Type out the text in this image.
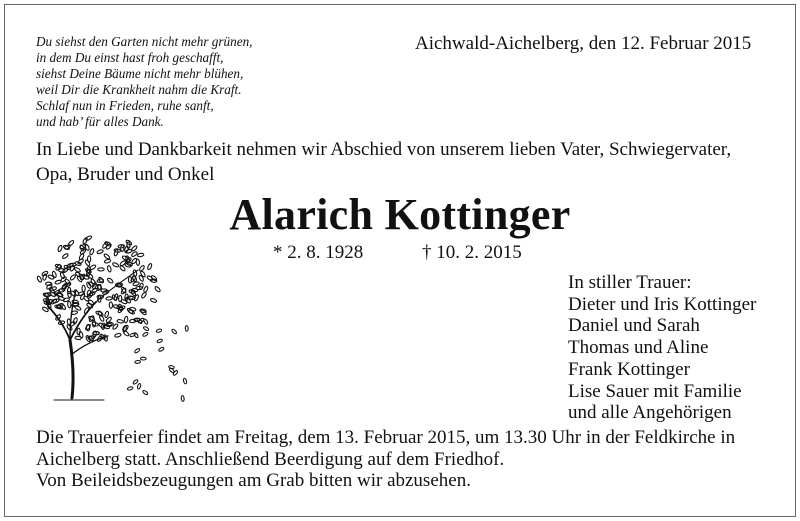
Du siehst den Garten nicht mehr grünen,
in dem Du einst hast froh geschafft,
siehst Deine Bäume nicht mehr blühen,
weil Dir die Krankheit nahm die Kraft.
Schlaf nun in Frieden, ruhe sanft,
und hab’ für alles Dank.
Aichwald-Aichelberg, den 12. Februar 2015
In Liebe und Dankbarkeit nehmen wir Abschied von unserem lieben Vater, Schwiegervater,
Opa, Bruder und Onkel
Alarich Kottinger
* 2. 8. 1928	† 10. 2. 2015
In stiller Trauer:
Dieter und Iris Kottinger
Daniel und Sarah
Thomas und Aline
Frank Kottinger
Lise Sauer mit Familie
und alle Angehörigen
Die Trauerfeier findet am Freitag, dem 13. Februar 2015, um 13.30 Uhr in der Feldkirche in
Aichelberg statt. Anschließend Beerdigung auf dem Friedhof.
Von Beileidsbezeugungen am Grab bitten wir abzusehen.
